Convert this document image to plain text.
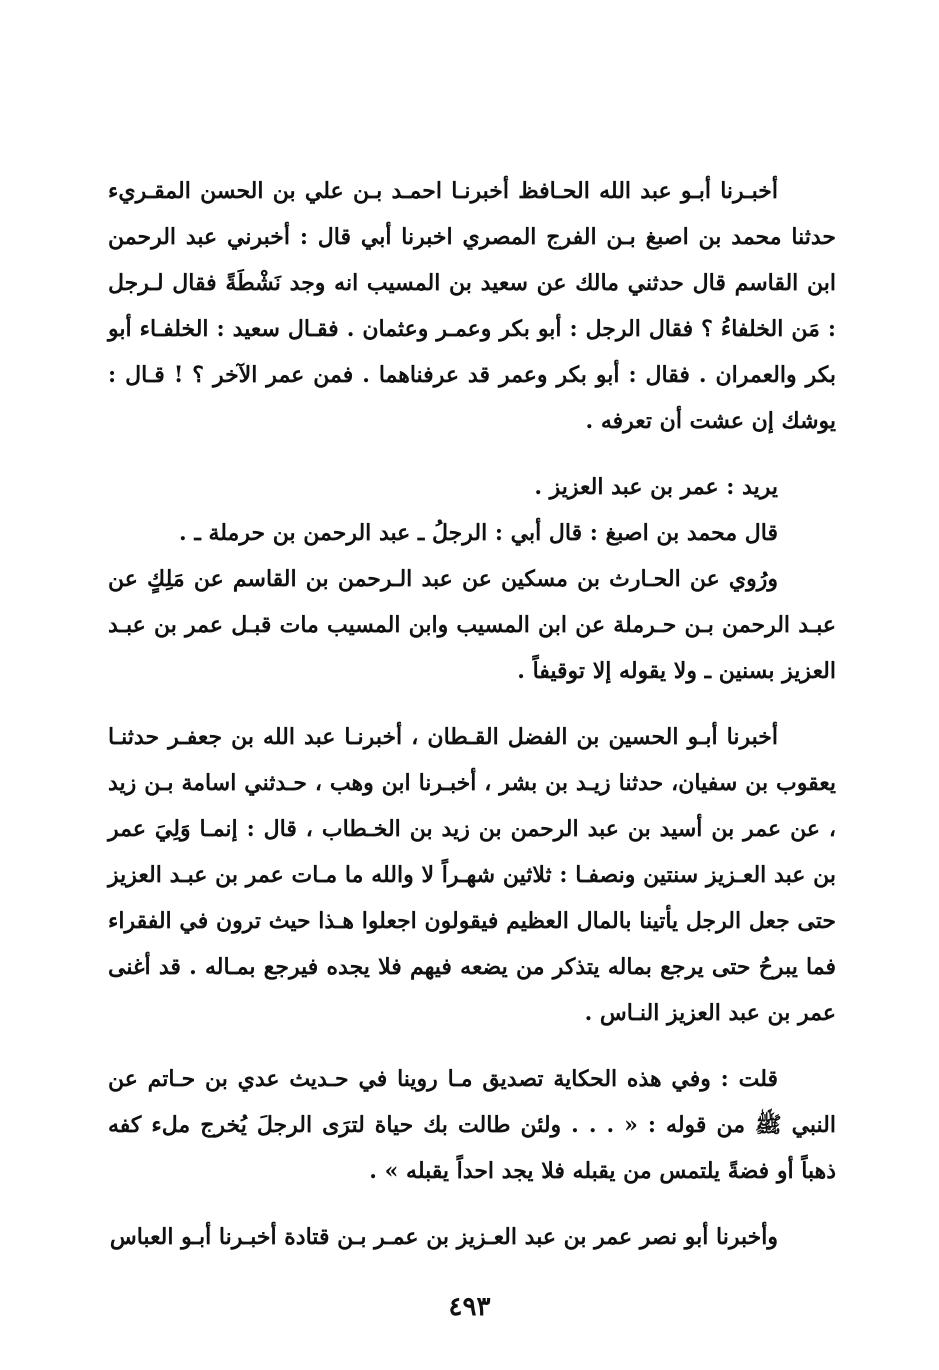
أخبـرنا أبـو عبد الله الحـافظ أخبرنـا احمـد بـن علي بن الحسن المقـريء حدثنا محمد بن اصبغ بـن الفرج المصري اخبرنا أبي قال : أخبرني عبد الرحمن ابن القاسم قال حدثني مالك عن سعيد بن المسيب انه وجد نَشْطَةً فقال لـرجل : مَن الخلفاءُ ؟ فقال الرجل : أبو بكر وعمـر وعثمان . فقـال سعيد : الخلفـاء أبو بكر والعمران . فقال : أبو بكر وعمر قد عرفناهما . فمن عمر الآخر ؟ ! قـال : يوشك إن عشت أن تعرفه .

يريد : عمر بن عبد العزيز .

قال محمد بن اصبغ : قال أبي : الرجلُ ـ عبد الرحمن بن حرملة ـ .

ورُوي عن الحـارث بن مسكين عن عبد الـرحمن بن القاسم عن مَلِكٍ عن عبـد الرحمن بـن حـرملة عن ابن المسيب وابن المسيب مات قبـل عمر بن عبـد العزيز بسنين ـ ولا يقوله إلا توقيفاً .

أخبرنا أبـو الحسين بن الفضل القـطان ، أخبرنـا عبد الله بن جعفـر حدثنـا يعقوب بن سفيان، حدثنا زيـد بن بشر ، أخبـرنا ابن وهب ، حـدثني اسامة بـن زيد ، عن عمر بن أسيد بن عبد الرحمن بن زيد بن الخـطاب ، قال : إنمـا وَلِيَ عمر بن عبد العـزيز سنتين ونصفـا : ثلاثين شهـراً لا والله ما مـات عمر بن عبـد العزيز حتى جعل الرجل يأتينا بالمال العظيم فيقولون اجعلوا هـذا حيث ترون في الفقراء فما يبرحُ حتى يرجع بماله يتذكر من يضعه فيهم فلا يجده فيرجع بمـاله . قد أغنى عمر بن عبد العزيز النـاس .

قلت : وفي هذه الحكاية تصديق مـا روينا في حـديث عدي بن حـاتم عن النبي ﷺ من قوله : « . . . ولئن طالت بك حياة لترَى الرجلَ يُخرج ملء كفه ذهباً أو فضةً يلتمس من يقبله فلا يجد احداً يقبله » .

وأخبرنا أبو نصر عمر بن عبد العـزيز بن عمـر بـن قتادة أخبـرنا أبـو العباس

٤٩٣
